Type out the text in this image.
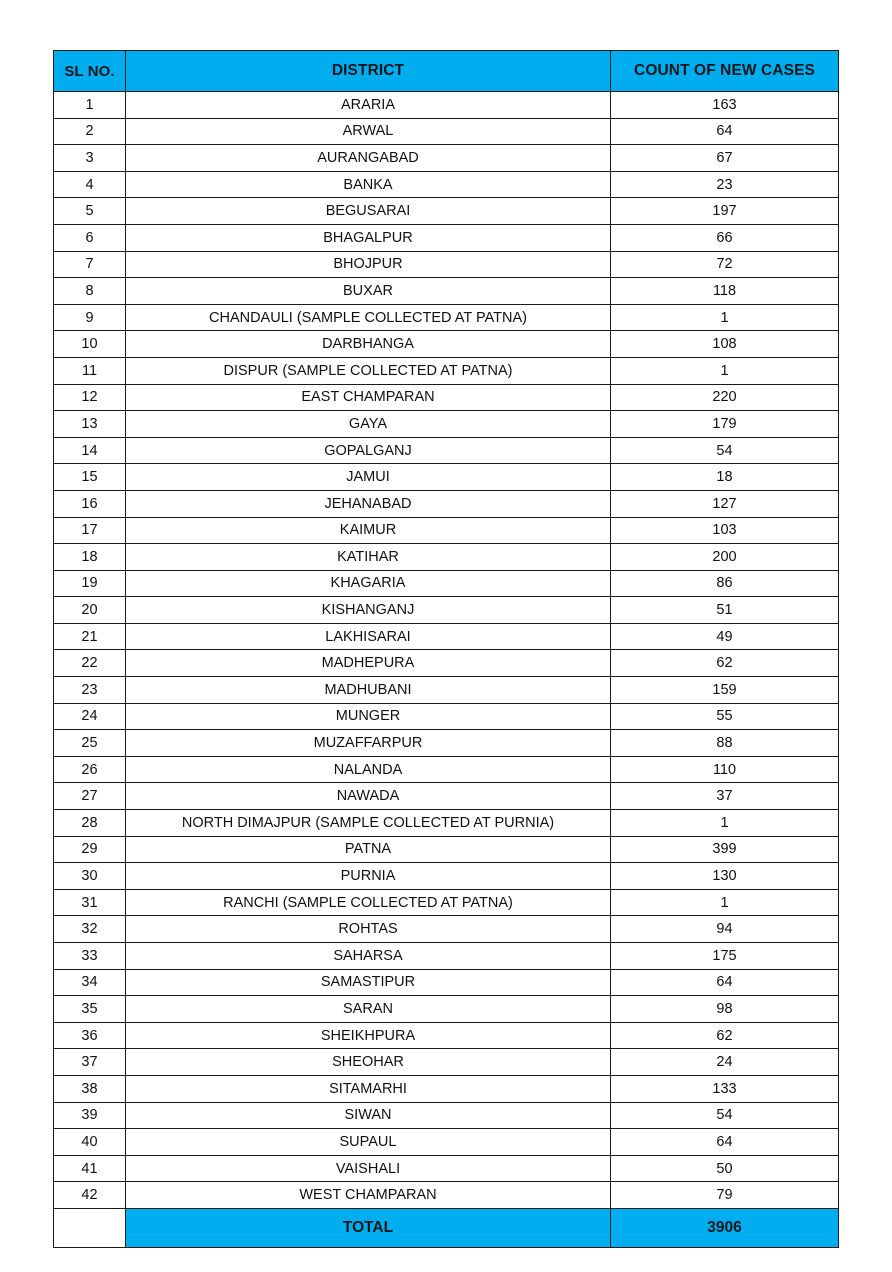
SL NO.	DISTRICT	COUNT OF NEW CASES
1	ARARIA	163
2	ARWAL	64
3	AURANGABAD	67
4	BANKA	23
5	BEGUSARAI	197
6	BHAGALPUR	66
7	BHOJPUR	72
8	BUXAR	118
9	CHANDAULI (SAMPLE COLLECTED AT PATNA)	1
10	DARBHANGA	108
11	DISPUR (SAMPLE COLLECTED AT PATNA)	1
12	EAST CHAMPARAN	220
13	GAYA	179
14	GOPALGANJ	54
15	JAMUI	18
16	JEHANABAD	127
17	KAIMUR	103
18	KATIHAR	200
19	KHAGARIA	86
20	KISHANGANJ	51
21	LAKHISARAI	49
22	MADHEPURA	62
23	MADHUBANI	159
24	MUNGER	55
25	MUZAFFARPUR	88
26	NALANDA	110
27	NAWADA	37
28	NORTH DIMAJPUR (SAMPLE COLLECTED AT PURNIA)	1
29	PATNA	399
30	PURNIA	130
31	RANCHI (SAMPLE COLLECTED AT PATNA)	1
32	ROHTAS	94
33	SAHARSA	175
34	SAMASTIPUR	64
35	SARAN	98
36	SHEIKHPURA	62
37	SHEOHAR	24
38	SITAMARHI	133
39	SIWAN	54
40	SUPAUL	64
41	VAISHALI	50
42	WEST CHAMPARAN	79
	TOTAL	3906
